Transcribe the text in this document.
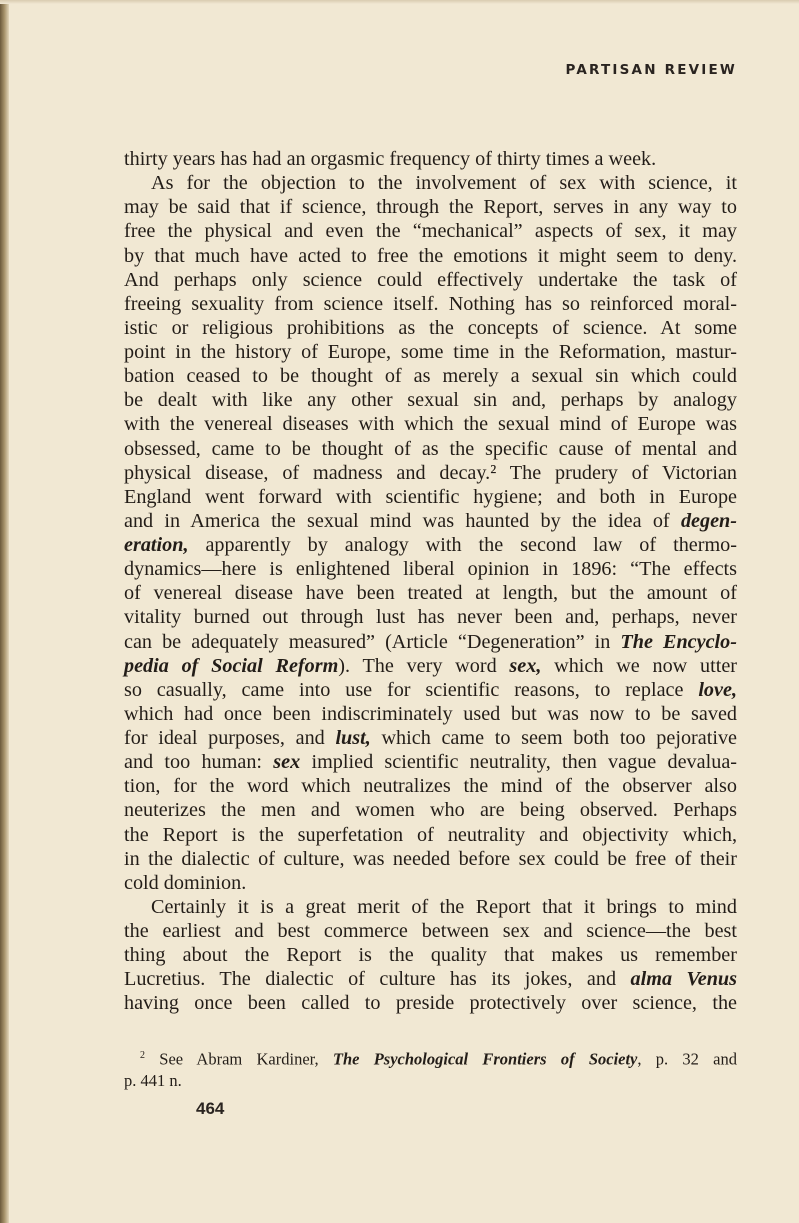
PARTISAN REVIEW
thirty years has had an orgasmic frequency of thirty times a week.
As for the objection to the involvement of sex with science, it
may be said that if science, through the Report, serves in any way to
free the physical and even the “mechanical” aspects of sex, it may
by that much have acted to free the emotions it might seem to deny.
And perhaps only science could effectively undertake the task of
freeing sexuality from science itself. Nothing has so reinforced moral-
istic or religious prohibitions as the concepts of science. At some
point in the history of Europe, some time in the Reformation, mastur-
bation ceased to be thought of as merely a sexual sin which could
be dealt with like any other sexual sin and, perhaps by analogy
with the venereal diseases with which the sexual mind of Europe was
obsessed, came to be thought of as the specific cause of mental and
physical disease, of madness and decay.² The prudery of Victorian
England went forward with scientific hygiene; and both in Europe
and in America the sexual mind was haunted by the idea of degen-
eration, apparently by analogy with the second law of thermo-
dynamics—here is enlightened liberal opinion in 1896: “The effects
of venereal disease have been treated at length, but the amount of
vitality burned out through lust has never been and, perhaps, never
can be adequately measured” (Article “Degeneration” in The Encyclo-
pedia of Social Reform). The very word sex, which we now utter
so casually, came into use for scientific reasons, to replace love,
which had once been indiscriminately used but was now to be saved
for ideal purposes, and lust, which came to seem both too pejorative
and too human: sex implied scientific neutrality, then vague devalua-
tion, for the word which neutralizes the mind of the observer also
neuterizes the men and women who are being observed. Perhaps
the Report is the superfetation of neutrality and objectivity which,
in the dialectic of culture, was needed before sex could be free of their
cold dominion.
Certainly it is a great merit of the Report that it brings to mind
the earliest and best commerce between sex and science—the best
thing about the Report is the quality that makes us remember
Lucretius. The dialectic of culture has its jokes, and alma Venus
having once been called to preside protectively over science, the
$^2$ See Abram Kardiner, The Psychological Frontiers of Society, p. 32 and
p. 441 n.
464
